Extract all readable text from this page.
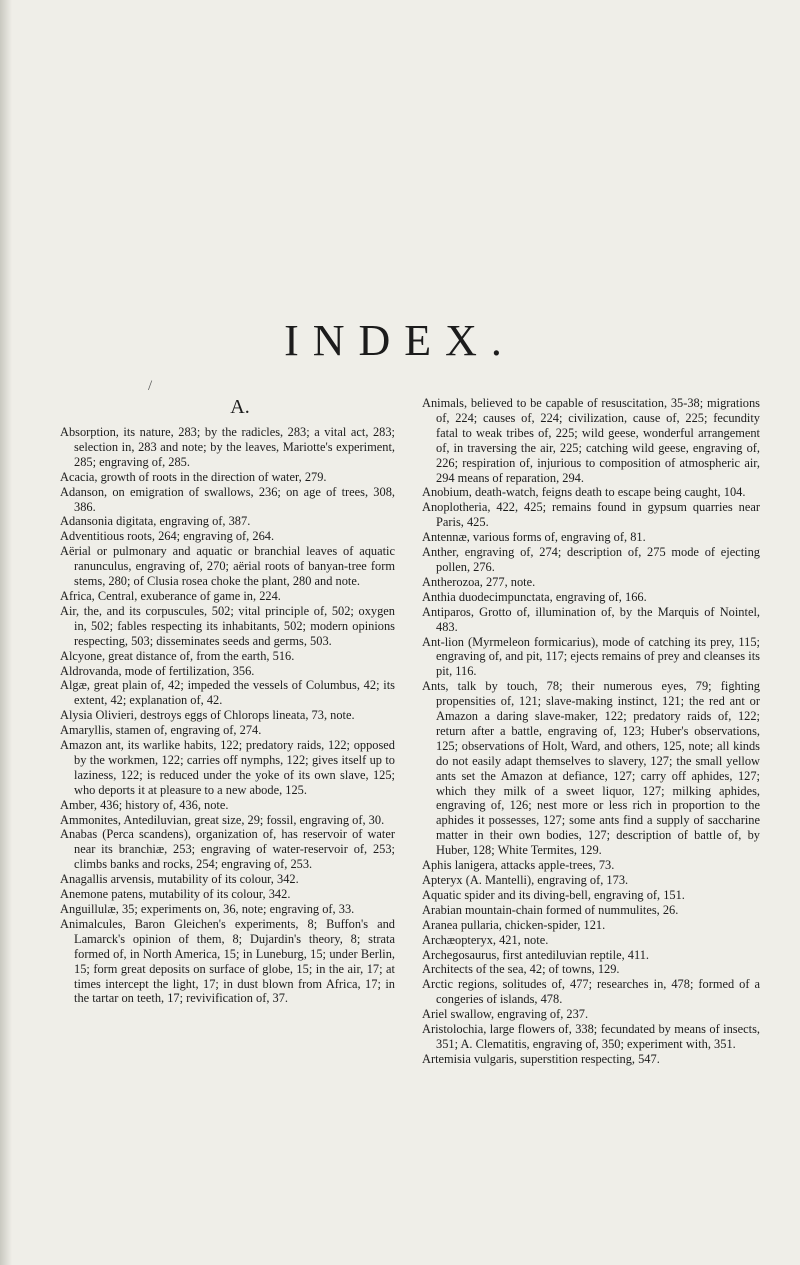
INDEX.
/
A.

Absorption, its nature, 283; by the radicles, 283; a vital act, 283; selection in, 283 and note; by the leaves, Mariotte's experiment, 285; engraving of, 285.

Acacia, growth of roots in the direction of water, 279.

Adanson, on emigration of swallows, 236; on age of trees, 308, 386.

Adansonia digitata, engraving of, 387.

Adventitious roots, 264; engraving of, 264.

Aërial or pulmonary and aquatic or branchial leaves of aquatic ranunculus, engraving of, 270; aërial roots of banyan-tree form stems, 280; of Clusia rosea choke the plant, 280 and note.

Africa, Central, exuberance of game in, 224.

Air, the, and its corpuscules, 502; vital principle of, 502; oxygen in, 502; fables respecting its inhabitants, 502; modern opinions respecting, 503; disseminates seeds and germs, 503.

Alcyone, great distance of, from the earth, 516.

Aldrovanda, mode of fertilization, 356.

Algæ, great plain of, 42; impeded the vessels of Columbus, 42; its extent, 42; explanation of, 42.

Alysia Olivieri, destroys eggs of Chlorops lineata, 73, note.

Amaryllis, stamen of, engraving of, 274.

Amazon ant, its warlike habits, 122; predatory raids, 122; opposed by the workmen, 122; carries off nymphs, 122; gives itself up to laziness, 122; is reduced under the yoke of its own slave, 125; who deports it at pleasure to a new abode, 125.

Amber, 436; history of, 436, note.

Ammonites, Antediluvian, great size, 29; fossil, engraving of, 30.

Anabas (Perca scandens), organization of, has reservoir of water near its branchiæ, 253; engraving of water-reservoir of, 253; climbs banks and rocks, 254; engraving of, 253.

Anagallis arvensis, mutability of its colour, 342.

Anemone patens, mutability of its colour, 342.

Anguillulæ, 35; experiments on, 36, note; engraving of, 33.

Animalcules, Baron Gleichen's experiments, 8; Buffon's and Lamarck's opinion of them, 8; Dujardin's theory, 8; strata formed of, in North America, 15; in Luneburg, 15; under Berlin, 15; form great deposits on surface of globe, 15; in the air, 17; at times intercept the light, 17; in dust blown from Africa, 17; in the tartar on teeth, 17; revivification of, 37.

Animals, believed to be capable of resuscitation, 35-38; migrations of, 224; causes of, 224; civilization, cause of, 225; fecundity fatal to weak tribes of, 225; wild geese, wonderful arrangement of, in traversing the air, 225; catching wild geese, engraving of, 226; respiration of, injurious to composition of atmospheric air, 294 means of reparation, 294.

Anobium, death-watch, feigns death to escape being caught, 104.

Anoplotheria, 422, 425; remains found in gypsum quarries near Paris, 425.

Antennæ, various forms of, engraving of, 81.

Anther, engraving of, 274; description of, 275 mode of ejecting pollen, 276.

Antherozoa, 277, note.

Anthia duodecimpunctata, engraving of, 166.

Antiparos, Grotto of, illumination of, by the Marquis of Nointel, 483.

Ant-lion (Myrmeleon formicarius), mode of catching its prey, 115; engraving of, and pit, 117; ejects remains of prey and cleanses its pit, 116.

Ants, talk by touch, 78; their numerous eyes, 79; fighting propensities of, 121; slave-making instinct, 121; the red ant or Amazon a daring slave-maker, 122; predatory raids of, 122; return after a battle, engraving of, 123; Huber's observations, 125; observations of Holt, Ward, and others, 125, note; all kinds do not easily adapt themselves to slavery, 127; the small yellow ants set the Amazon at defiance, 127; carry off aphides, 127; which they milk of a sweet liquor, 127; milking aphides, engraving of, 126; nest more or less rich in proportion to the aphides it possesses, 127; some ants find a supply of saccharine matter in their own bodies, 127; description of battle of, by Huber, 128; White Termites, 129.

Aphis lanigera, attacks apple-trees, 73.

Apteryx (A. Mantelli), engraving of, 173.

Aquatic spider and its diving-bell, engraving of, 151.

Arabian mountain-chain formed of nummulites, 26.

Aranea pullaria, chicken-spider, 121.

Archæopteryx, 421, note.

Archegosaurus, first antediluvian reptile, 411.

Architects of the sea, 42; of towns, 129.

Arctic regions, solitudes of, 477; researches in, 478; formed of a congeries of islands, 478.

Ariel swallow, engraving of, 237.

Aristolochia, large flowers of, 338; fecundated by means of insects, 351; A. Clematitis, engraving of, 350; experiment with, 351.

Artemisia vulgaris, superstition respecting, 547.
